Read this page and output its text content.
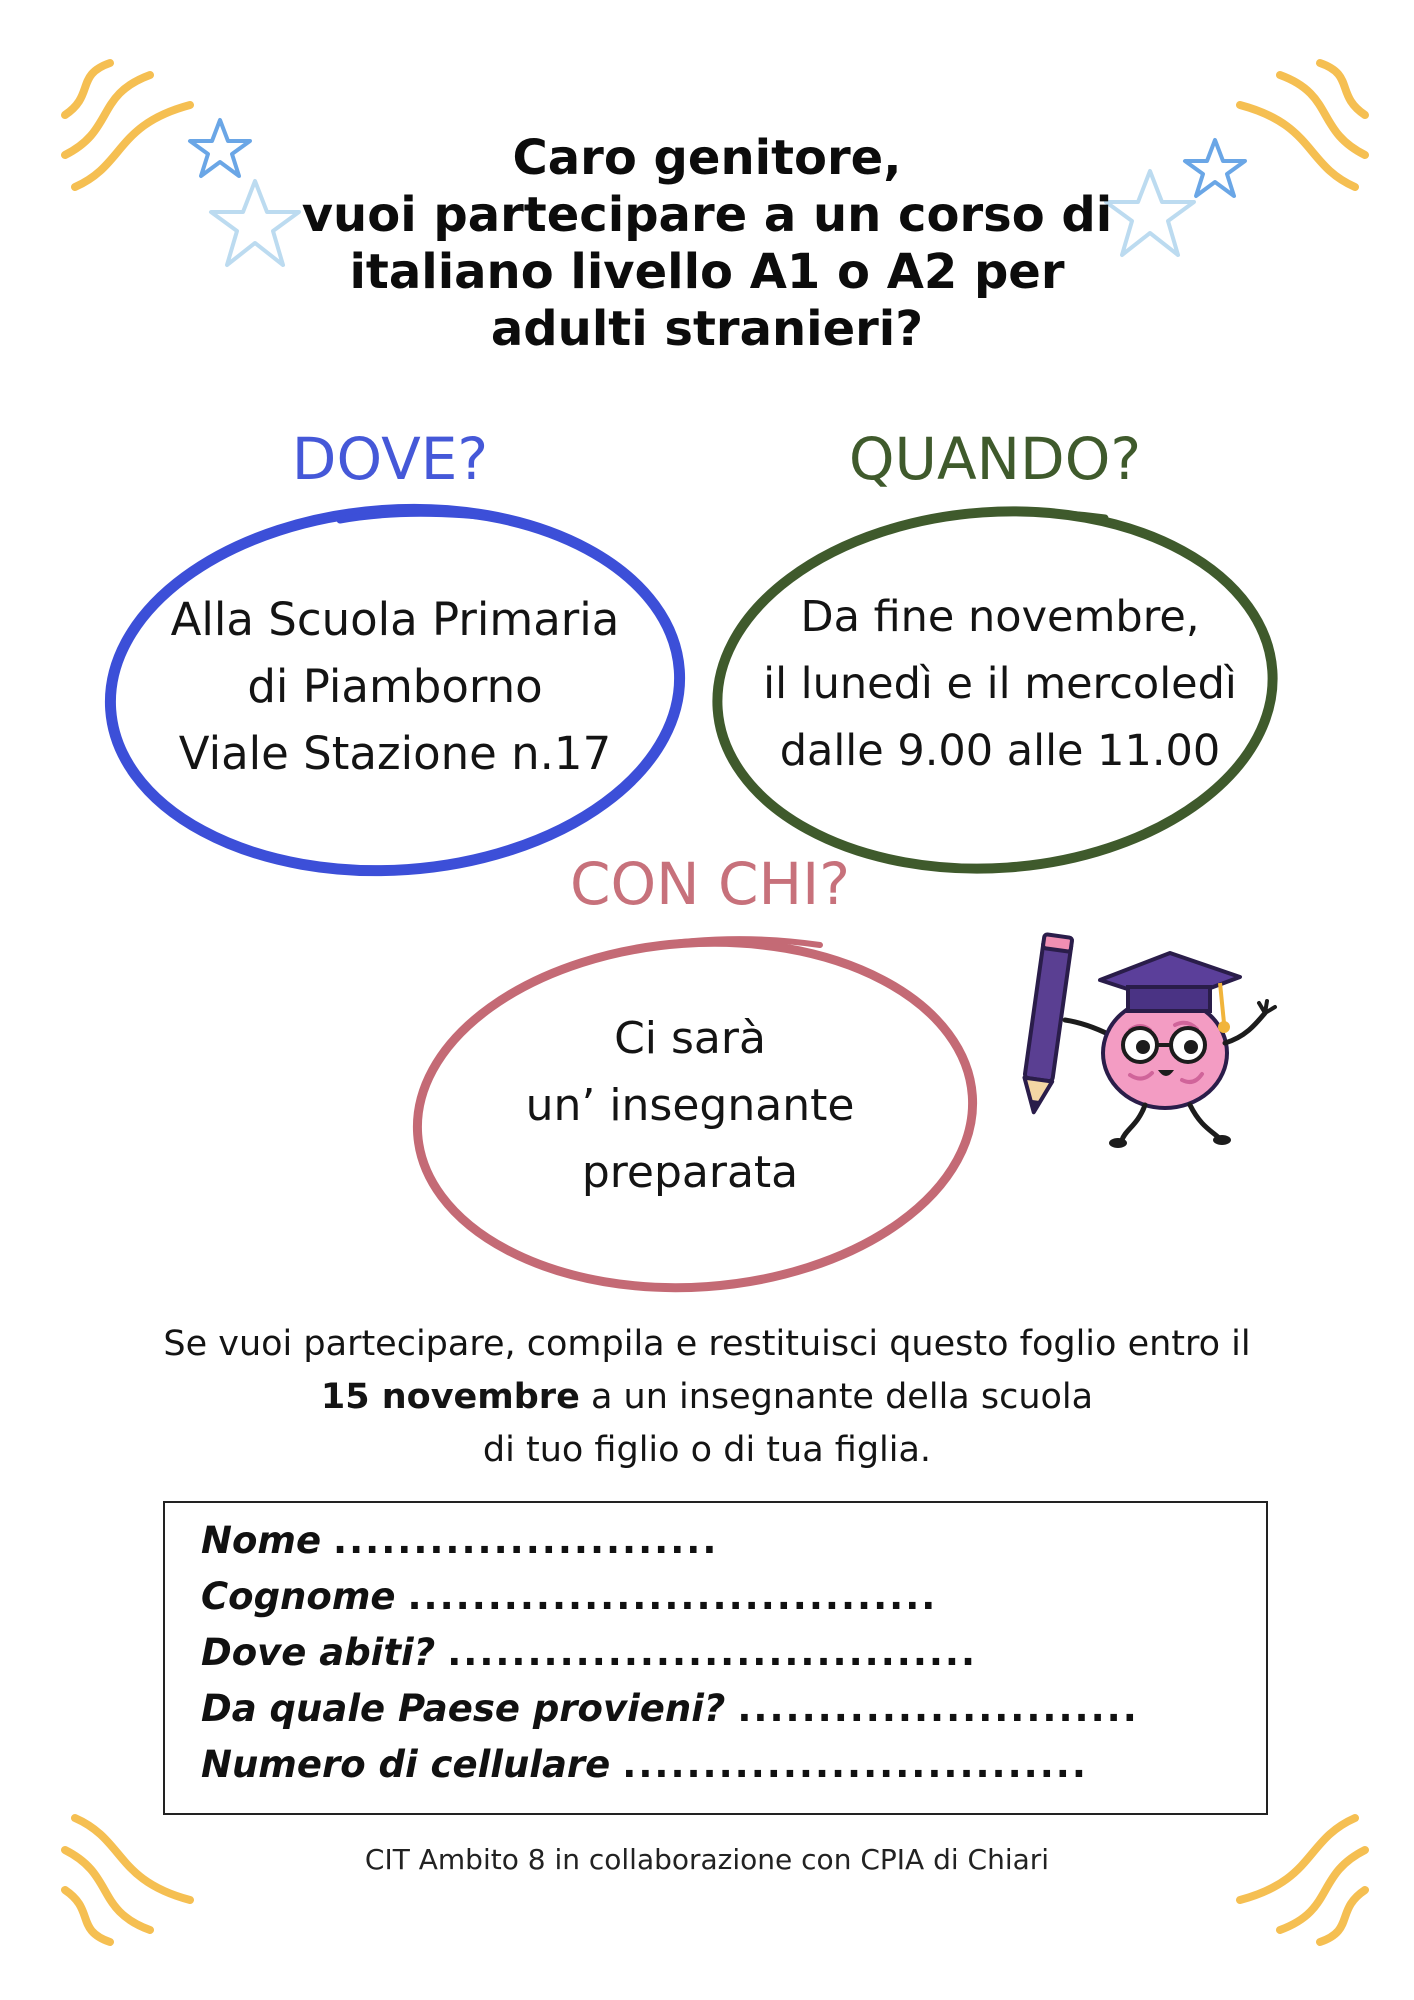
Caro genitore,
vuoi partecipare a un corso di
italiano livello A1 o A2 per
adulti stranieri?
DOVE?	QUANDO?
Alla Scuola Primaria
di Piamborno
Viale Stazione n.17
Da fine novembre,
il lunedì e il mercoledì
dalle 9.00 alle 11.00
CON CHI?
Ci sarà
un’ insegnante
preparata
Se vuoi partecipare, compila e restituisci questo foglio entro il
15 novembre a un insegnante della scuola
di tuo figlio o di tua figlia.
Nome ........................
Cognome .................................
Dove abiti? .................................
Da quale Paese provieni? .........................
Numero di cellulare .............................
CIT Ambito 8 in collaborazione con CPIA di Chiari
